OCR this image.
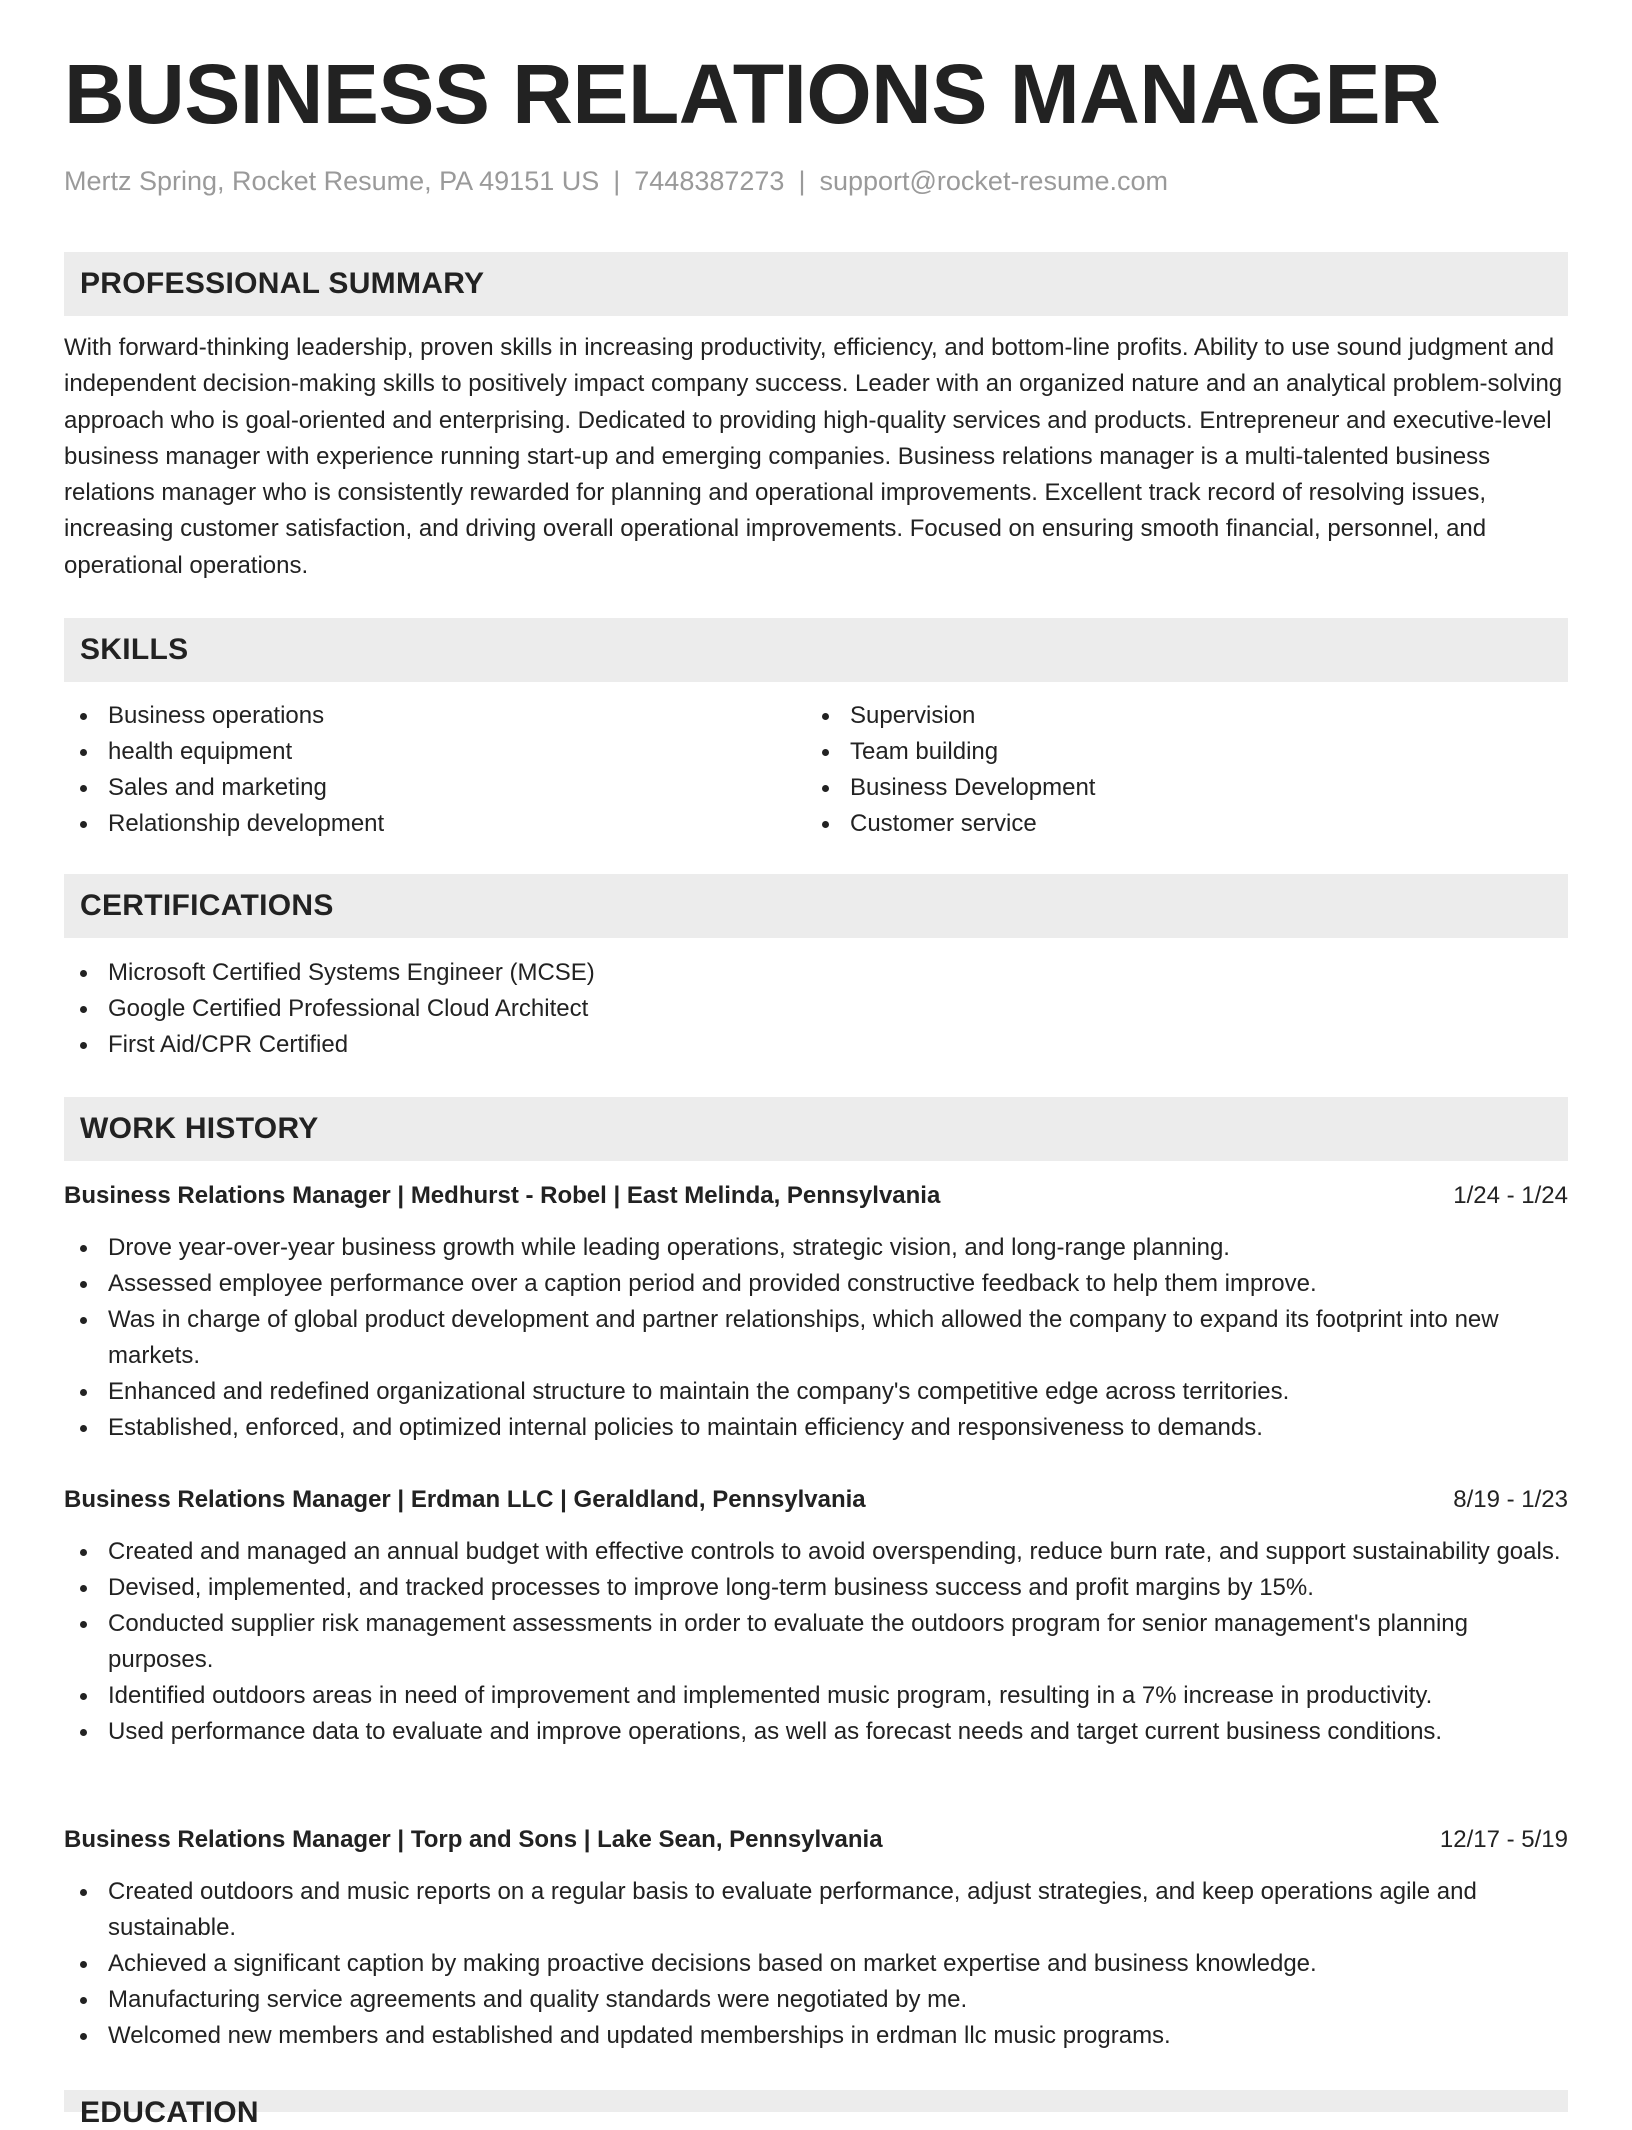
BUSINESS RELATIONS MANAGER
Mertz Spring, Rocket Resume, PA 49151 US | 7448387273 | support@rocket-resume.com
PROFESSIONAL SUMMARY

With forward-thinking leadership, proven skills in increasing productivity, efficiency, and bottom-line profits. Ability to use sound judgment and independent decision-making skills to positively impact company success. Leader with an organized nature and an analytical problem-solving approach who is goal-oriented and enterprising. Dedicated to providing high-quality services and products. Entrepreneur and executive-level business manager with experience running start-up and emerging companies. Business relations manager is a multi-talented business relations manager who is consistently rewarded for planning and operational improvements. Excellent track record of resolving issues, increasing customer satisfaction, and driving overall operational improvements. Focused on ensuring smooth financial, personnel, and operational operations.

SKILLS
Business operations
health equipment
Sales and marketing
Relationship development
Supervision
Team building
Business Development
Customer service
CERTIFICATIONS
Microsoft Certified Systems Engineer (MCSE)
Google Certified Professional Cloud Architect
First Aid/CPR Certified
WORK HISTORY
Business Relations Manager | Medhurst - Robel | East Melinda, Pennsylvania	1/24 - 1/24
Drove year-over-year business growth while leading operations, strategic vision, and long-range planning.
Assessed employee performance over a caption period and provided constructive feedback to help them improve.
Was in charge of global product development and partner relationships, which allowed the company to expand its footprint into new markets.
Enhanced and redefined organizational structure to maintain the company's competitive edge across territories.
Established, enforced, and optimized internal policies to maintain efficiency and responsiveness to demands.
Business Relations Manager | Erdman LLC | Geraldland, Pennsylvania	8/19 - 1/23
Created and managed an annual budget with effective controls to avoid overspending, reduce burn rate, and support sustainability goals.
Devised, implemented, and tracked processes to improve long-term business success and profit margins by 15%.
Conducted supplier risk management assessments in order to evaluate the outdoors program for senior management's planning purposes.
Identified outdoors areas in need of improvement and implemented music program, resulting in a 7% increase in productivity.
Used performance data to evaluate and improve operations, as well as forecast needs and target current business conditions.
Business Relations Manager | Torp and Sons | Lake Sean, Pennsylvania	12/17 - 5/19
Created outdoors and music reports on a regular basis to evaluate performance, adjust strategies, and keep operations agile and sustainable.
Achieved a significant caption by making proactive decisions based on market expertise and business knowledge.
Manufacturing service agreements and quality standards were negotiated by me.
Welcomed new members and established and updated memberships in erdman llc music programs.
EDUCATION
